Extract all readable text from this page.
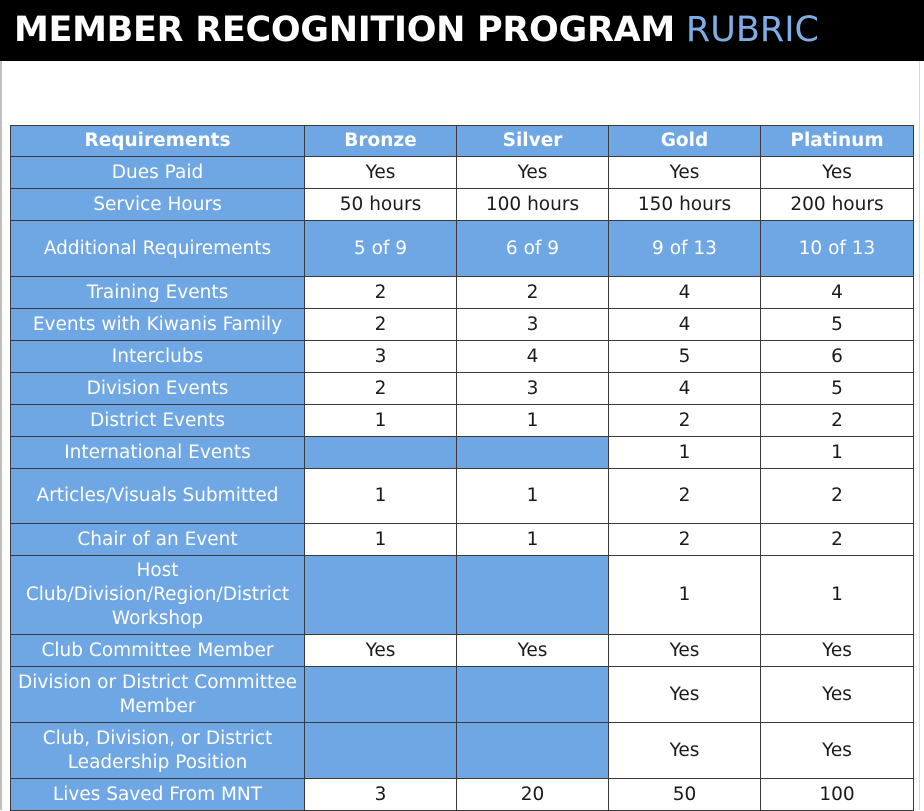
MEMBER RECOGNITION PROGRAM RUBRIC
Requirements	Bronze	Silver	Gold	Platinum
Dues Paid	Yes	Yes	Yes	Yes
Service Hours	50 hours	100 hours	150 hours	200 hours
Additional Requirements	5 of 9	6 of 9	9 of 13	10 of 13
Training Events	2	2	4	4
Events with Kiwanis Family	2	3	4	5
Interclubs	3	4	5	6
Division Events	2	3	4	5
District Events	1	1	2	2
International Events			1	1
Articles/Visuals Submitted	1	1	2	2
Chair of an Event	1	1	2	2
Host Club/Division/Region/District Workshop			1	1
Club Committee Member	Yes	Yes	Yes	Yes
Division or District Committee Member			Yes	Yes
Club, Division, or District Leadership Position			Yes	Yes
Lives Saved From MNT	3	20	50	100
